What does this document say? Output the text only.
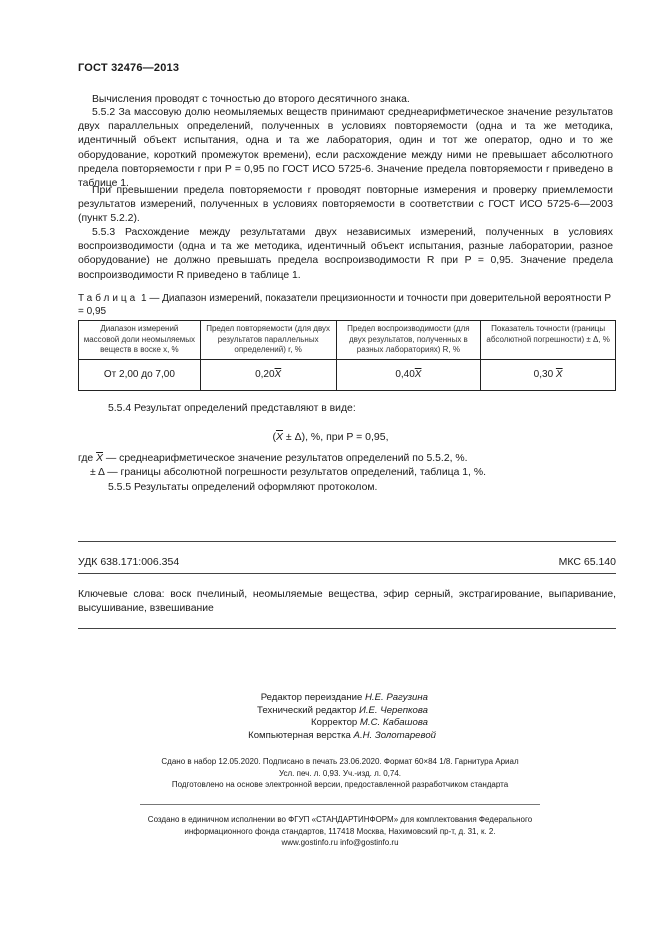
ГОСТ 32476—2013
Вычисления проводят с точностью до второго десятичного знака.
5.5.2 За массовую долю неомыляемых веществ принимают среднеарифметическое значение результатов двух параллельных определений, полученных в условиях повторяемости (одна и та же методика, идентичный объект испытания, одна и та же лаборатория, один и тот же оператор, одно и то же оборудование, короткий промежуток времени), если расхождение между ними не превышает абсолютного предела повторяемости r при P = 0,95 по ГОСТ ИСО 5725-6. Значение предела повторяемости r приведено в таблице 1.
При превышении предела повторяемости r проводят повторные измерения и проверку приемлемости результатов измерений, полученных в условиях повторяемости в соответствии с ГОСТ ИСО 5725-6—2003 (пункт 5.2.2).
5.5.3 Расхождение между результатами двух независимых измерений, полученных в условиях воспроизводимости (одна и та же методика, идентичный объект испытания, разные лаборатории, разное оборудование) не должно превышать предела воспроизводимости R при P = 0,95. Значение предела воспроизводимости R приведено в таблице 1.
Таблица 1 — Диапазон измерений, показатели прецизионности и точности при доверительной вероятности P = 0,95
Диапазон измерений массовой доли неомыляемых веществ в воске x, %	Предел повторяемости (для двух результатов параллельных определений) r, %	Предел воспроизводимости (для двух результатов, полученных в разных лабораториях) R, %	Показатель точности (границы абсолютной погрешности) ± Δ, %
От 2,00 до 7,00	$0,20\overline{X}$	$0,40\overline{X}$	0,30 $\overline{X}$
5.5.4 Результат определений представляют в виде:
$(\overline{X} \pm \Delta)$, %, при P = 0,95,
где $\overline{X}$ — среднеарифметическое значение результатов определений по 5.5.2, %.
± Δ — границы абсолютной погрешности результатов определений, таблица 1, %.
5.5.5 Результаты определений оформляют протоколом.
УДК 638.171:006.354	МКС 65.140
Ключевые слова: воск пчелиный, неомыляемые вещества, эфир серный, экстрагирование, выпаривание, высушивание, взвешивание
Редактор переиздание Н.Е. Рагузина
Технический редактор И.Е. Черепкова
Корректор М.С. Кабашова
Компьютерная верстка А.Н. Золотаревой
Сдано в набор 12.05.2020. Подписано в печать 23.06.2020. Формат 60×84 1/8. Гарнитура Ариал
Усл. печ. л. 0,93. Уч.-изд. л. 0,74.
Подготовлено на основе электронной версии, предоставленной разработчиком стандарта
Создано в единичном исполнении во ФГУП «СТАНДАРТИНФОРМ» для комплектования Федерального
информационного фонда стандартов, 117418 Москва, Нахимовский пр-т, д. 31, к. 2.
www.gostinfo.ru info@gostinfo.ru
